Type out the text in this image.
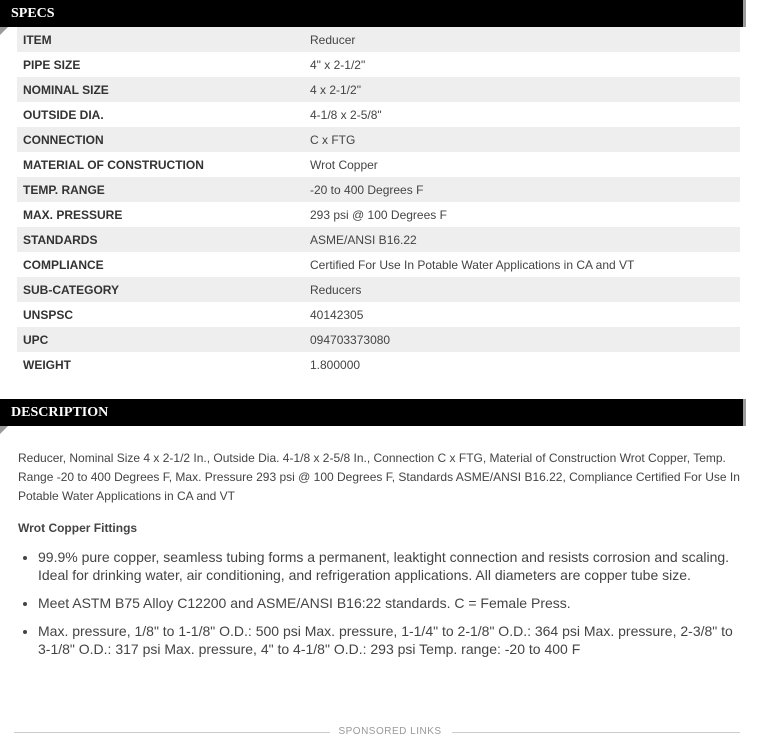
SPECS
ITEM	Reducer
PIPE SIZE	4" x 2-1/2"
NOMINAL SIZE	4 x 2-1/2"
OUTSIDE DIA.	4-1/8 x 2-5/8"
CONNECTION	C x FTG
MATERIAL OF CONSTRUCTION	Wrot Copper
TEMP. RANGE	-20 to 400 Degrees F
MAX. PRESSURE	293 psi @ 100 Degrees F
STANDARDS	ASME/ANSI B16.22
COMPLIANCE	Certified For Use In Potable Water Applications in CA and VT
SUB-CATEGORY	Reducers
UNSPSC	40142305
UPC	094703373080
WEIGHT	1.800000
DESCRIPTION
Reducer, Nominal Size 4 x 2-1/2 In., Outside Dia. 4-1/8 x 2-5/8 In., Connection C x FTG, Material of Construction Wrot Copper, Temp. Range -20 to 400 Degrees F, Max. Pressure 293 psi @ 100 Degrees F, Standards ASME/ANSI B16.22, Compliance Certified For Use In Potable Water Applications in CA and VT
Wrot Copper Fittings
• 99.9% pure copper, seamless tubing forms a permanent, leaktight connection and resists corrosion and scaling. Ideal for drinking water, air conditioning, and refrigeration applications. All diameters are copper tube size.
• Meet ASTM B75 Alloy C12200 and ASME/ANSI B16:22 standards. C = Female Press.
• Max. pressure, 1/8" to 1-1/8" O.D.: 500 psi Max. pressure, 1-1/4" to 2-1/8" O.D.: 364 psi Max. pressure, 2-3/8" to 3-1/8" O.D.: 317 psi Max. pressure, 4" to 4-1/8" O.D.: 293 psi Temp. range: -20 to 400 F
SPONSORED LINKS
